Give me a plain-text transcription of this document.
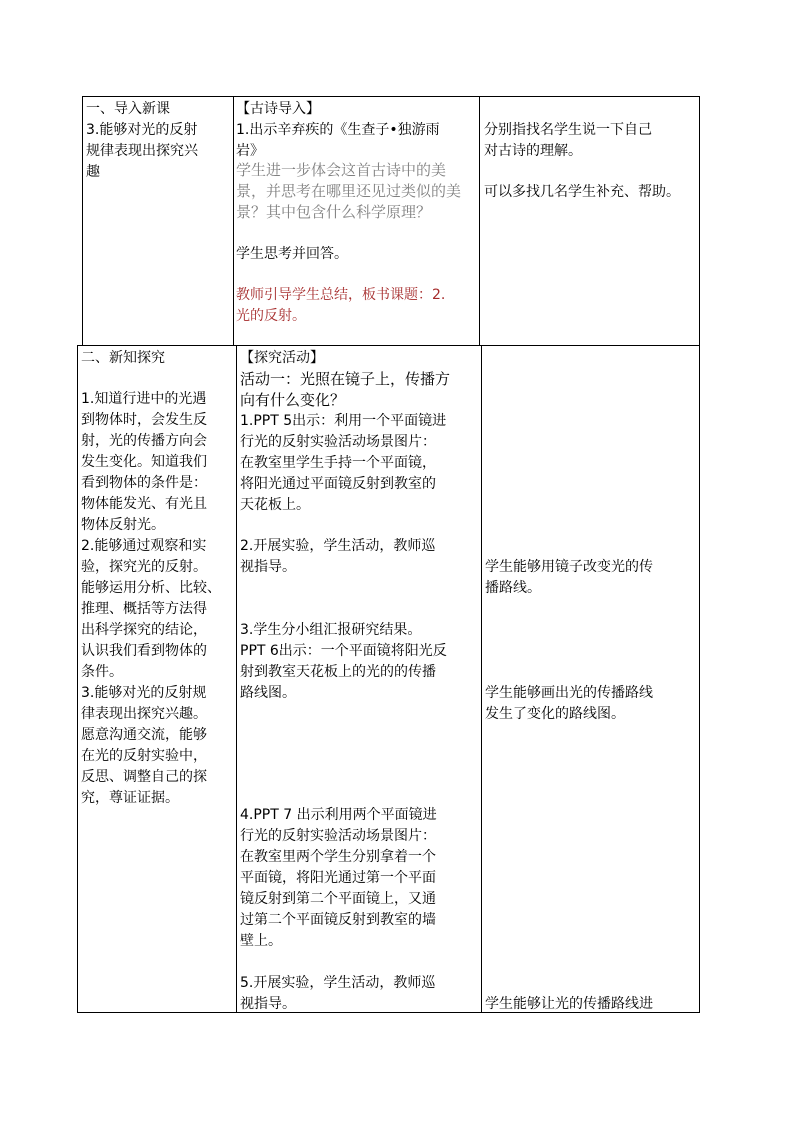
一、导入新课
3.能够对光的反射
规律表现出探究兴
趣
【古诗导入】
1.出示辛弃疾的《生查子•独游雨
岩》
学生进一步体会这首古诗中的美
景，并思考在哪里还见过类似的美
景？其中包含什么科学原理？
学生思考并回答。
教师引导学生总结，板书课题：2.
光的反射。
分别指找名学生说一下自己
对古诗的理解。
可以多找几名学生补充、帮助。
二、新知探究
1.知道行进中的光遇
到物体时，会发生反
射，光的传播方向会
发生变化。知道我们
看到物体的条件是：
物体能发光、有光且
物体反射光。
2.能够通过观察和实
验，探究光的反射。
能够运用分析、比较、
推理、概括等方法得
出科学探究的结论，
认识我们看到物体的
条件。
3.能够对光的反射规
律表现出探究兴趣。
愿意沟通交流，能够
在光的反射实验中，
反思、调整自己的探
究，尊证证据。
【探究活动】
活动一：光照在镜子上，传播方
向有什么变化？
1.PPT 5出示：利用一个平面镜进
行光的反射实验活动场景图片：
在教室里学生手持一个平面镜，
将阳光通过平面镜反射到教室的
天花板上。
2.开展实验，学生活动，教师巡
视指导。
3.学生分小组汇报研究结果。
PPT 6出示：一个平面镜将阳光反
射到教室天花板上的光的的传播
路线图。
4.PPT 7 出示利用两个平面镜进
行光的反射实验活动场景图片：
在教室里两个学生分别拿着一个
平面镜，将阳光通过第一个平面
镜反射到第二个平面镜上，又通
过第二个平面镜反射到教室的墙
壁上。
5.开展实验，学生活动，教师巡
视指导。
学生能够用镜子改变光的传
播路线。
学生能够画出光的传播路线
发生了变化的路线图。
学生能够让光的传播路线进
